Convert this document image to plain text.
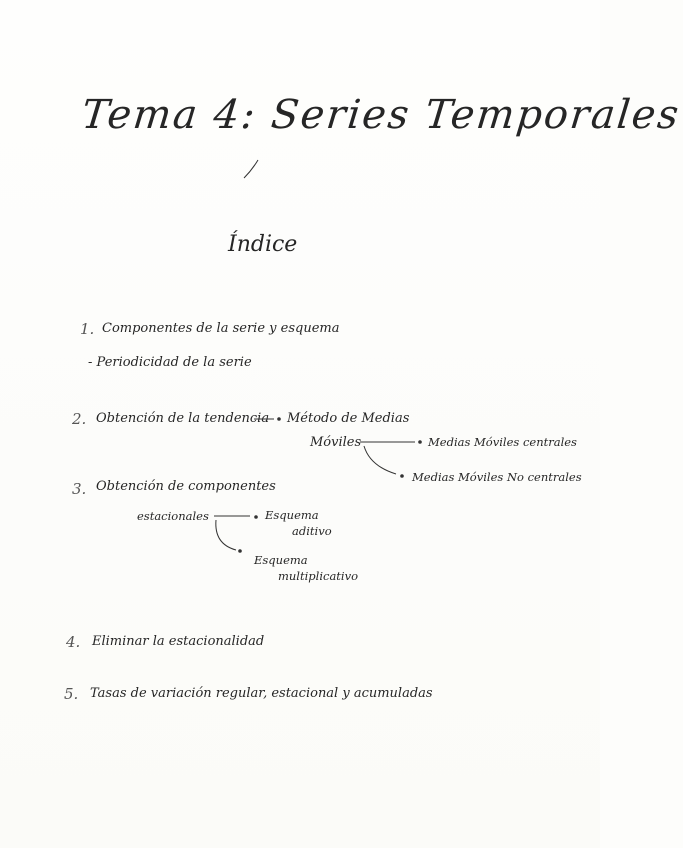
Tema 4: Series Temporales
Índice
1. Componentes de la serie y esquema
- Periodicidad de la serie
2. Obtención de la tendencia Método de Medias
Móviles	Medias Móviles centrales
Medias Móviles No centrales
3. Obtención de componentes
estacionales	Esquema
aditivo
Esquema
multiplicativo
4. Eliminar la estacionalidad
5. Tasas de variación regular, estacional y acumuladas
